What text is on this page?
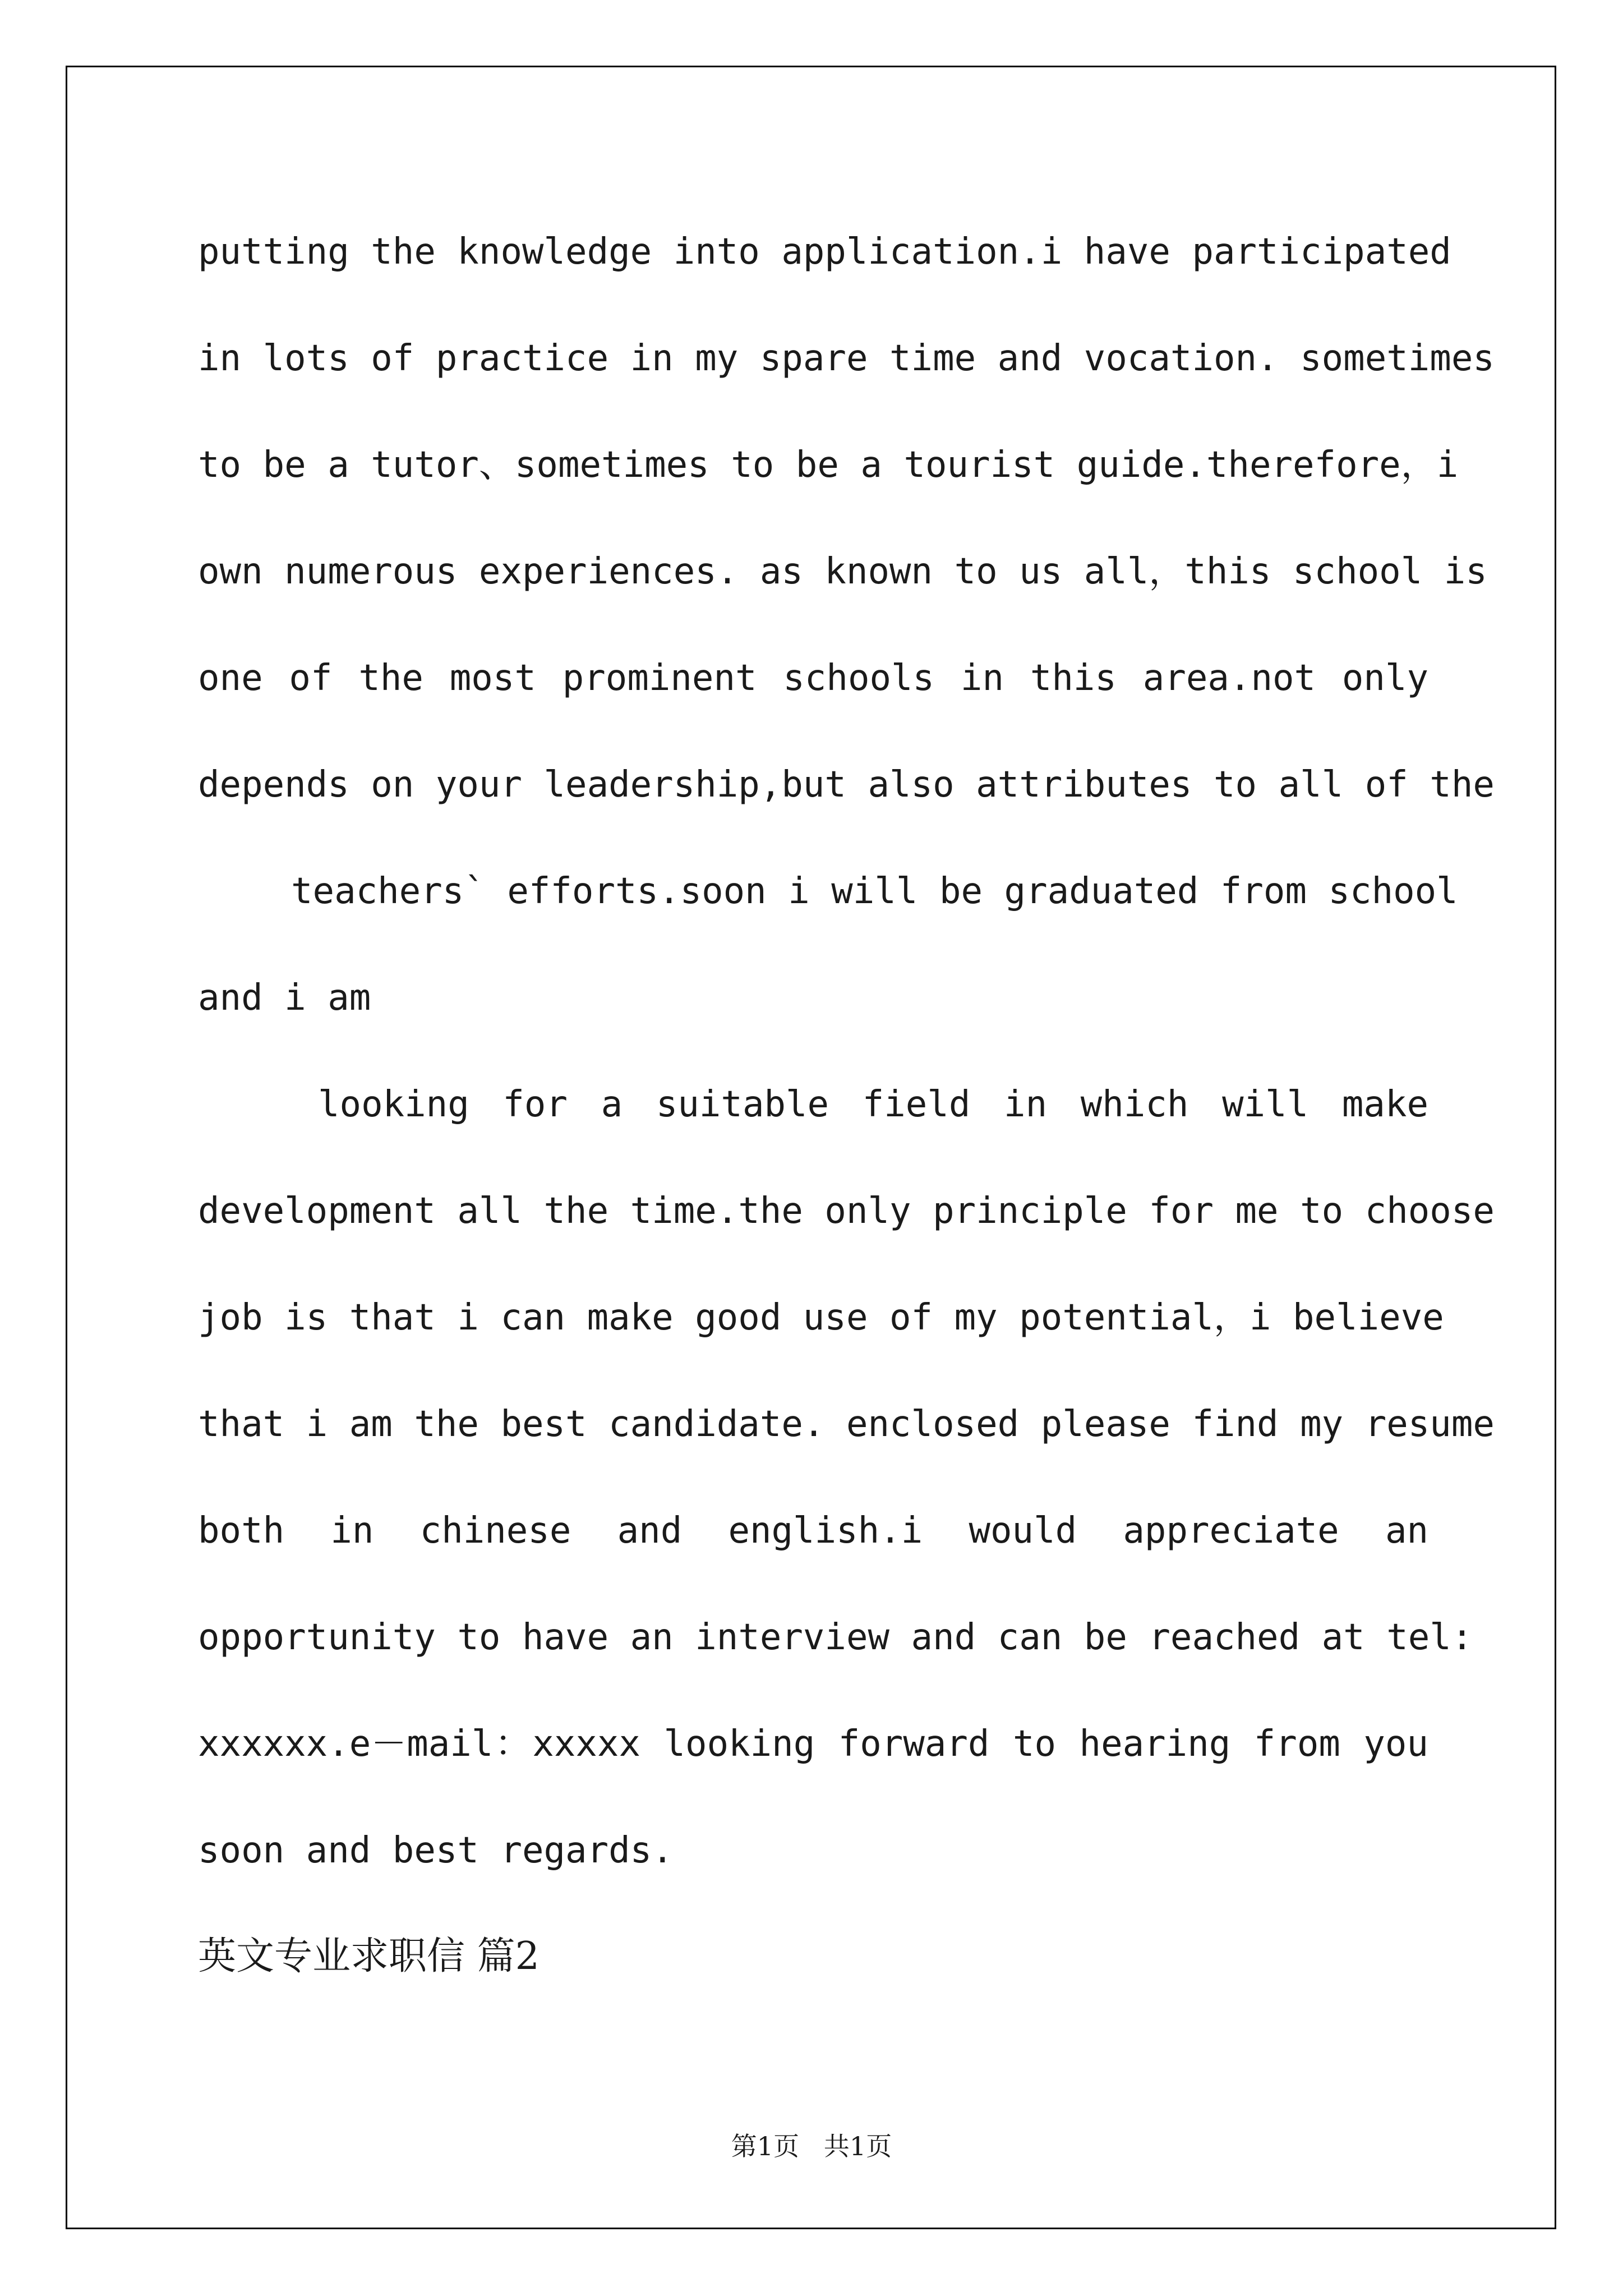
putting the knowledge into application.i have participated
in lots of practice in my spare time and vocation. sometimes
to be a tutor、sometimes to be a tourist guide.therefore，i
own numerous experiences. as known to us all，this school is
one of the most prominent schools in this area.not only
depends on your leadership,but also attributes to all of the
teachers` efforts.soon i will be graduated from school
and i am
looking for a suitable field in which will make
development all the time.the only principle for me to choose
job is that i can make good use of my potential，i believe
that i am the best candidate. enclosed please find my resume
both in chinese and english.i would appreciate an
opportunity to have an interview and can be reached at tel:
xxxxxx.e－mail：xxxxx looking forward to hearing from you
soon and best regards.
英文专业求职信 篇2
第1页   共1页
